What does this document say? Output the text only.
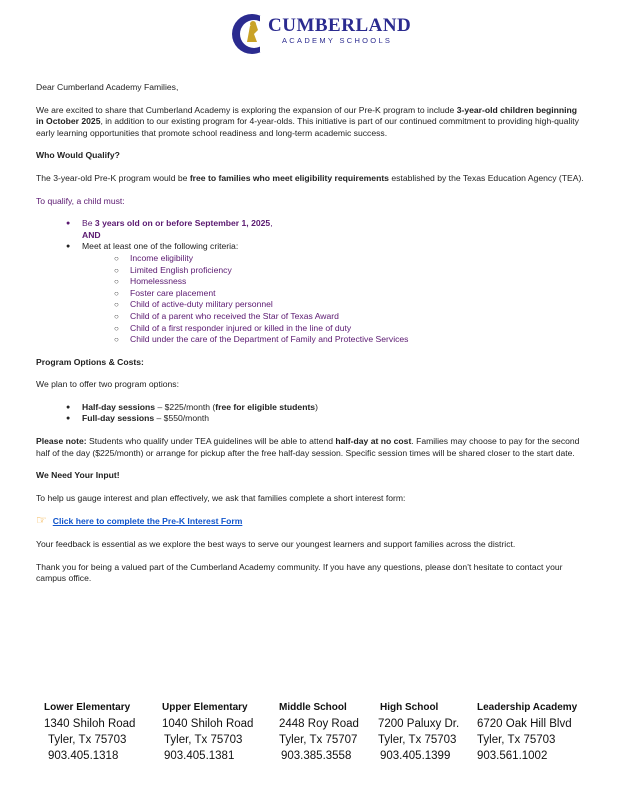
CUMBERLAND
ACADEMY SCHOOLS

Dear Cumberland Academy Families,

We are excited to share that Cumberland Academy is exploring the expansion of our Pre-K program to include 3-year-old children beginning in October 2025, in addition to our existing program for 4-year-olds. This initiative is part of our continued commitment to providing high-quality early learning opportunities that promote school readiness and long-term academic success.

Who Would Qualify?

The 3-year-old Pre-K program would be free to families who meet eligibility requirements established by the Texas Education Agency (TEA).

To qualify, a child must:

● Be 3 years old on or before September 1, 2025,
AND
● Meet at least one of the following criteria:
○ Income eligibility
○ Limited English proficiency
○ Homelessness
○ Foster care placement
○ Child of active-duty military personnel
○ Child of a parent who received the Star of Texas Award
○ Child of a first responder injured or killed in the line of duty
○ Child under the care of the Department of Family and Protective Services
Program Options & Costs:

We plan to offer two program options:

● Half-day sessions – $225/month (free for eligible students)
● Full-day sessions – $550/month

Please note: Students who qualify under TEA guidelines will be able to attend half-day at no cost. Families may choose to pay for the second half of the day ($225/month) or arrange for pickup after the free half-day session. Specific session times will be shared closer to the start date.

We Need Your Input!

To help us gauge interest and plan effectively, we ask that families complete a short interest form:

☞ Click here to complete the Pre-K Interest Form

Your feedback is essential as we explore the best ways to serve our youngest learners and support families across the district.

Thank you for being a valued part of the Cumberland Academy community. If you have any questions, please don't hesitate to contact your campus office.

Lower Elementary
1340 Shiloh Road
Tyler, Tx 75703
903.405.1318
Upper Elementary
1040 Shiloh Road
Tyler, Tx 75703
903.405.1381
Middle School
2448 Roy Road
Tyler, Tx 75707
903.385.3558
High School
7200 Paluxy Dr.
Tyler, Tx 75703
903.405.1399
Leadership Academy
6720 Oak Hill Blvd
Tyler, Tx 75703
903.561.1002
